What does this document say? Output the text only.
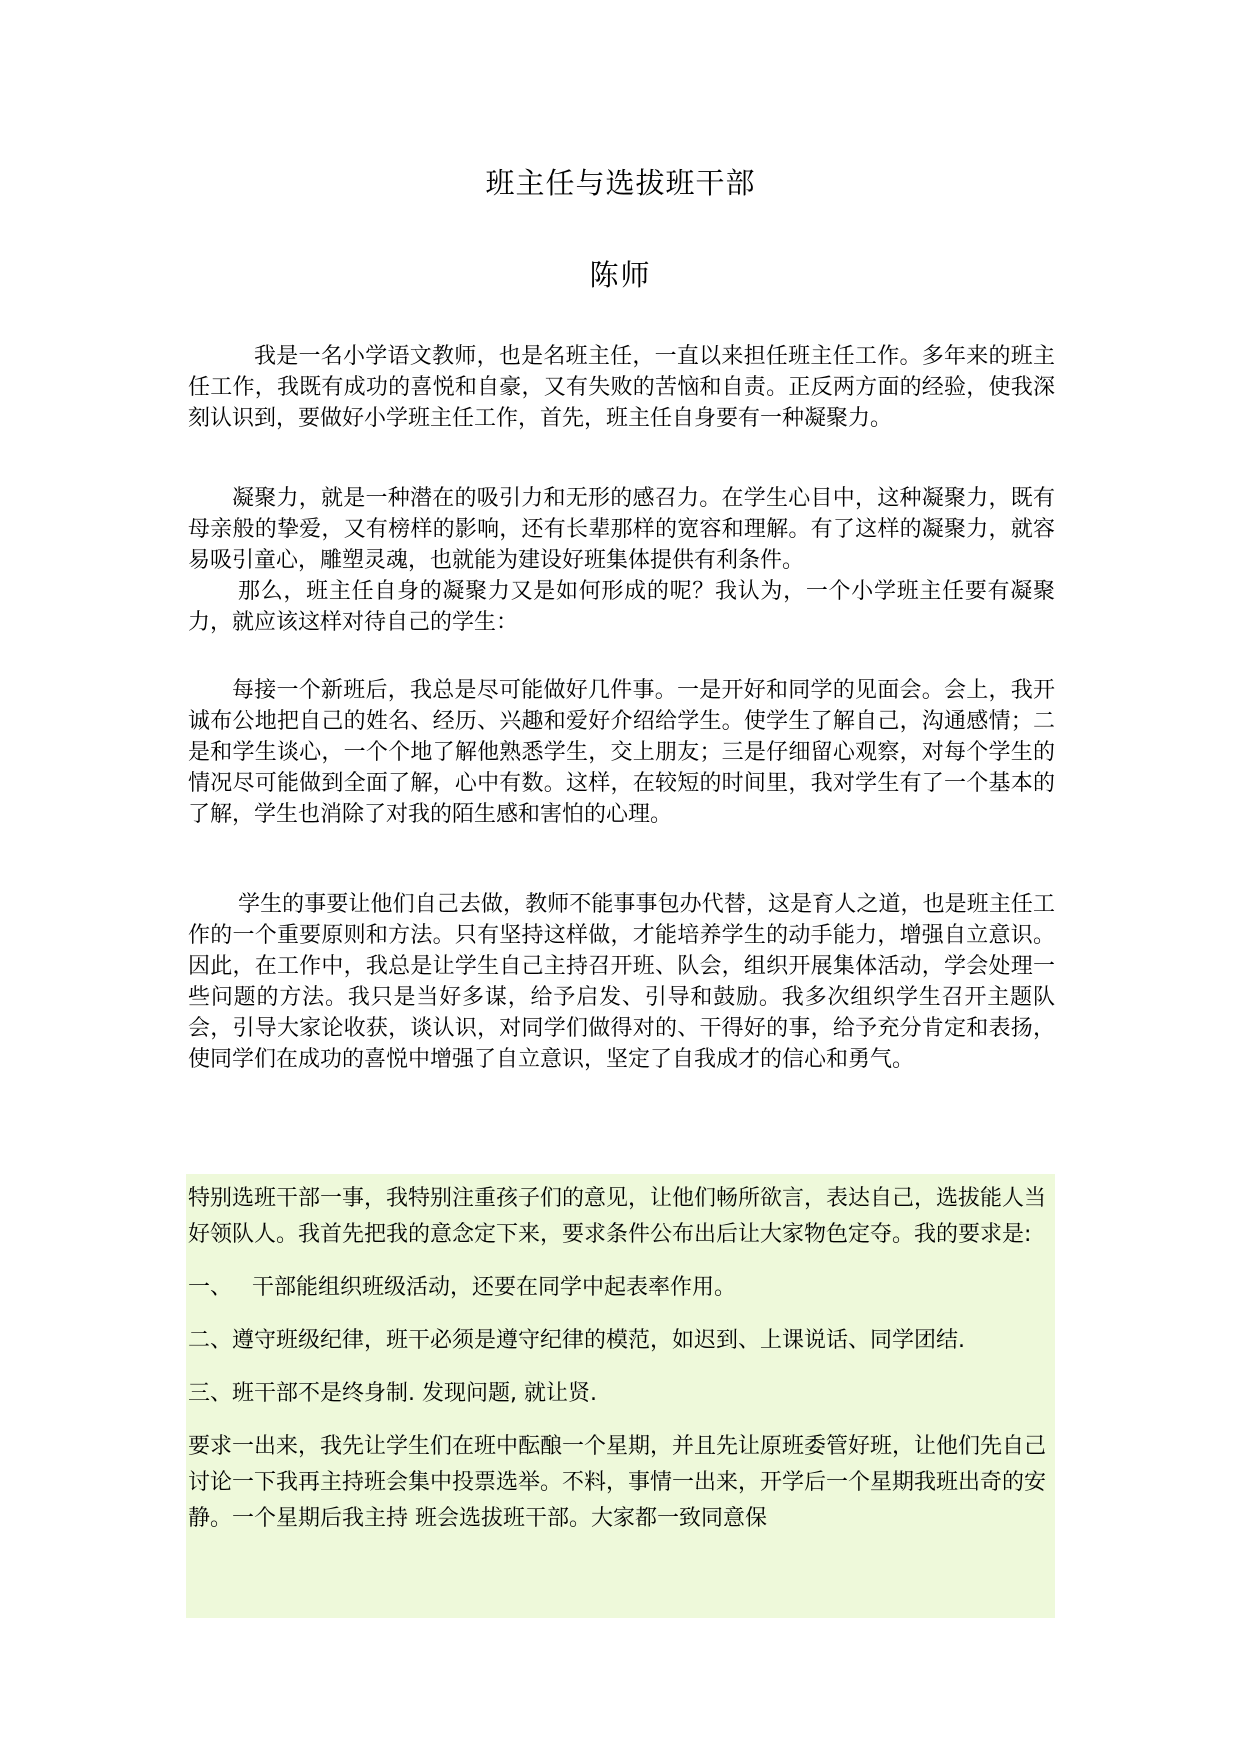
班主任与选拔班干部
陈师

我是一名小学语文教师，也是名班主任，一直以来担任班主任工作。多年来的班主任工作，我既有成功的喜悦和自豪，又有失败的苦恼和自责。正反两方面的经验，使我深刻认识到，要做好小学班主任工作，首先，班主任自身要有一种凝聚力。

凝聚力，就是一种潜在的吸引力和无形的感召力。在学生心目中，这种凝聚力，既有母亲般的挚爱，又有榜样的影响，还有长辈那样的宽容和理解。有了这样的凝聚力，就容易吸引童心，雕塑灵魂，也就能为建设好班集体提供有利条件。

那么，班主任自身的凝聚力又是如何形成的呢？我认为，一个小学班主任要有凝聚力，就应该这样对待自己的学生：

每接一个新班后，我总是尽可能做好几件事。一是开好和同学的见面会。会上，我开诚布公地把自己的姓名、经历、兴趣和爱好介绍给学生。使学生了解自己，沟通感情；二是和学生谈心，一个个地了解他熟悉学生，交上朋友；三是仔细留心观察，对每个学生的情况尽可能做到全面了解，心中有数。这样，在较短的时间里，我对学生有了一个基本的了解，学生也消除了对我的陌生感和害怕的心理。

学生的事要让他们自己去做，教师不能事事包办代替，这是育人之道，也是班主任工作的一个重要原则和方法。只有坚持这样做，才能培养学生的动手能力，增强自立意识。因此，在工作中，我总是让学生自己主持召开班、队会，组织开展集体活动，学会处理一些问题的方法。我只是当好多谋，给予启发、引导和鼓励。我多次组织学生召开主题队会，引导大家论收获，谈认识，对同学们做得对的、干得好的事，给予充分肯定和表扬，使同学们在成功的喜悦中增强了自立意识，坚定了自我成才的信心和勇气。

特别选班干部一事，我特别注重孩子们的意见，让他们畅所欲言，表达自己，选拔能人当好领队人。我首先把我的意念定下来，要求条件公布出后让大家物色定夺。我的要求是:

一、 干部能组织班级活动，还要在同学中起表率作用。

二、遵守班级纪律，班干必须是遵守纪律的模范，如迟到、上课说话、同学团结.

三、班干部不是终身制. 发现问题, 就让贤.

要求一出来，我先让学生们在班中酝酿一个星期，并且先让原班委管好班，让他们先自己讨论一下我再主持班会集中投票选举。不料，事情一出来，开学后一个星期我班出奇的安静。一个星期后我主持 班会选拔班干部。大家都一致同意保
